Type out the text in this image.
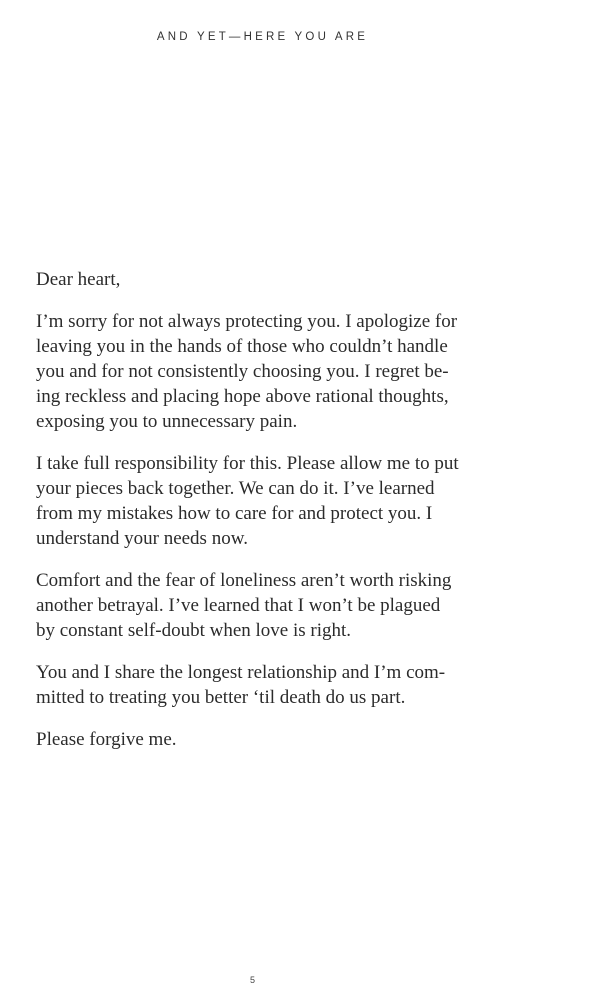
AND YET—HERE YOU ARE

Dear heart,

I’m sorry for not always protecting you. I apologize for
leaving you in the hands of those who couldn’t handle
you and for not consistently choosing you. I regret be-
ing reckless and placing hope above rational thoughts,
exposing you to unnecessary pain.

I take full responsibility for this. Please allow me to put
your pieces back together. We can do it. I’ve learned
from my mistakes how to care for and protect you. I
understand your needs now.

Comfort and the fear of loneliness aren’t worth risking
another betrayal. I’ve learned that I won’t be plagued
by constant self-doubt when love is right.

You and I share the longest relationship and I’m com-
mitted to treating you better ‘til death do us part.

Please forgive me.

5
